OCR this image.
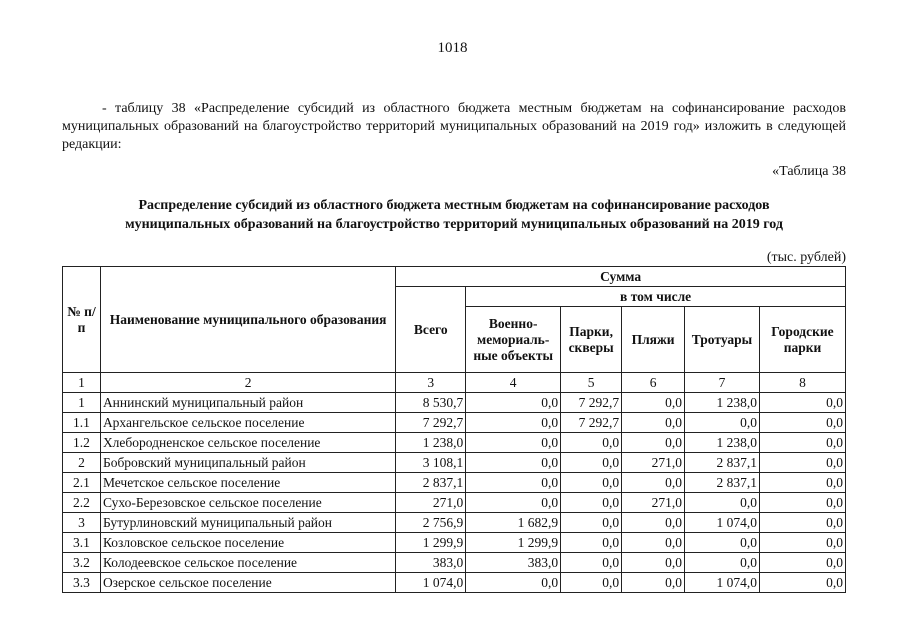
1018
- таблицу 38 «Распределение субсидий из областного бюджета местным бюджетам на софинансирование расходов муниципальных образований на благоустройство территорий муниципальных образований на 2019 год» изложить в следующей редакции:
«Таблица 38
Распределение субсидий из областного бюджета местным бюджетам на софинансирование расходов
муниципальных образований на благоустройство территорий муниципальных образований на 2019 год
(тыс. рублей)
№ п/п	Наименование муниципального образования	Сумма					
		Всего	в том числе				
			Военно-мемориаль-ные объекты	Парки, скверы	Пляжи	Тротуары	Городские парки
1	2	3	4	5	6	7	8
1	Аннинский муниципальный район	8 530,7	0,0	7 292,7	0,0	1 238,0	0,0
1.1	Архангельское сельское поселение	7 292,7	0,0	7 292,7	0,0	0,0	0,0
1.2	Хлебородненское сельское поселение	1 238,0	0,0	0,0	0,0	1 238,0	0,0
2	Бобровский муниципальный район	3 108,1	0,0	0,0	271,0	2 837,1	0,0
2.1	Мечетское сельское поселение	2 837,1	0,0	0,0	0,0	2 837,1	0,0
2.2	Сухо-Березовское сельское поселение	271,0	0,0	0,0	271,0	0,0	0,0
3	Бутурлиновский муниципальный район	2 756,9	1 682,9	0,0	0,0	1 074,0	0,0
3.1	Козловское сельское поселение	1 299,9	1 299,9	0,0	0,0	0,0	0,0
3.2	Колодеевское сельское поселение	383,0	383,0	0,0	0,0	0,0	0,0
3.3	Озерское сельское поселение	1 074,0	0,0	0,0	0,0	1 074,0	0,0
